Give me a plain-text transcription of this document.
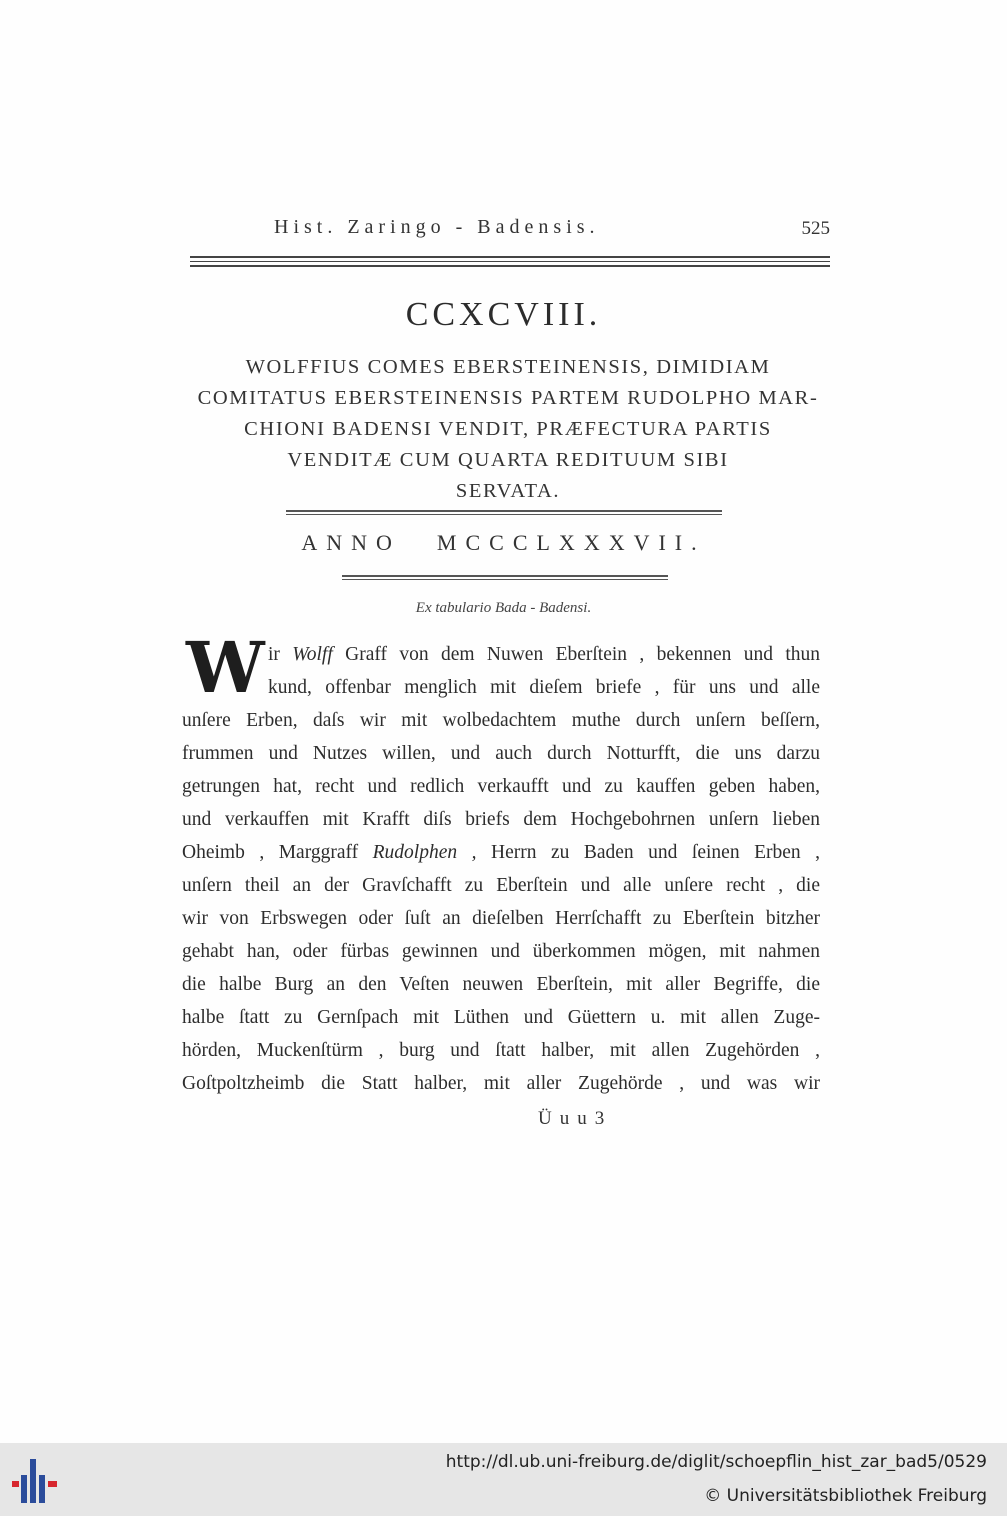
Hist. Zaringo - Badensis.	525
CCXCVIII.
WOLFFIUS COMES EBERSTEINENSIS, DIMIDIAM
COMITATUS EBERSTEINENSIS PARTEM RUDOLPHO MAR-
CHIONI BADENSI VENDIT, PRÆFECTURA PARTIS
VENDITÆ CUM QUARTA REDITUUM SIBI
SERVATA.
ANNO MCCCLXXXVII.
Ex tabulario Bada - Badensi.
W ir Wolff Graff von dem Nuwen Eberſtein , bekennen und thun
kund, offenbar menglich mit dieſem briefe , für uns und alle
unſere Erben, daſs wir mit wolbedachtem muthe durch unſern beſſern,
frummen und Nutzes willen, und auch durch Notturfft, die uns darzu
getrungen hat, recht und redlich verkaufft und zu kauffen geben haben,
und verkauffen mit Krafft diſs briefs dem Hochgebohrnen unſern lieben
Oheimb , Marggraff Rudolphen , Herrn zu Baden und ſeinen Erben ,
unſern theil an der Gravſchafft zu Eberſtein und alle unſere recht , die
wir von Erbswegen oder ſuſt an dieſelben Herrſchafft zu Eberſtein bitzher
gehabt han, oder fürbas gewinnen und überkommen mögen, mit nahmen
die halbe Burg an den Veſten neuwen Eberſtein, mit aller Begriffe, die
halbe ſtatt zu Gernſpach mit Lüthen und Güettern u. mit allen Zuge-
hörden, Muckenſtürm , burg und ſtatt halber, mit allen Zugehörden ,
Goſtpoltzheimb die Statt halber, mit aller Zugehörde , und was wir
Üuu3
http://dl.ub.uni-freiburg.de/diglit/schoepflin_hist_zar_bad5/0529
© Universitätsbibliothek Freiburg
